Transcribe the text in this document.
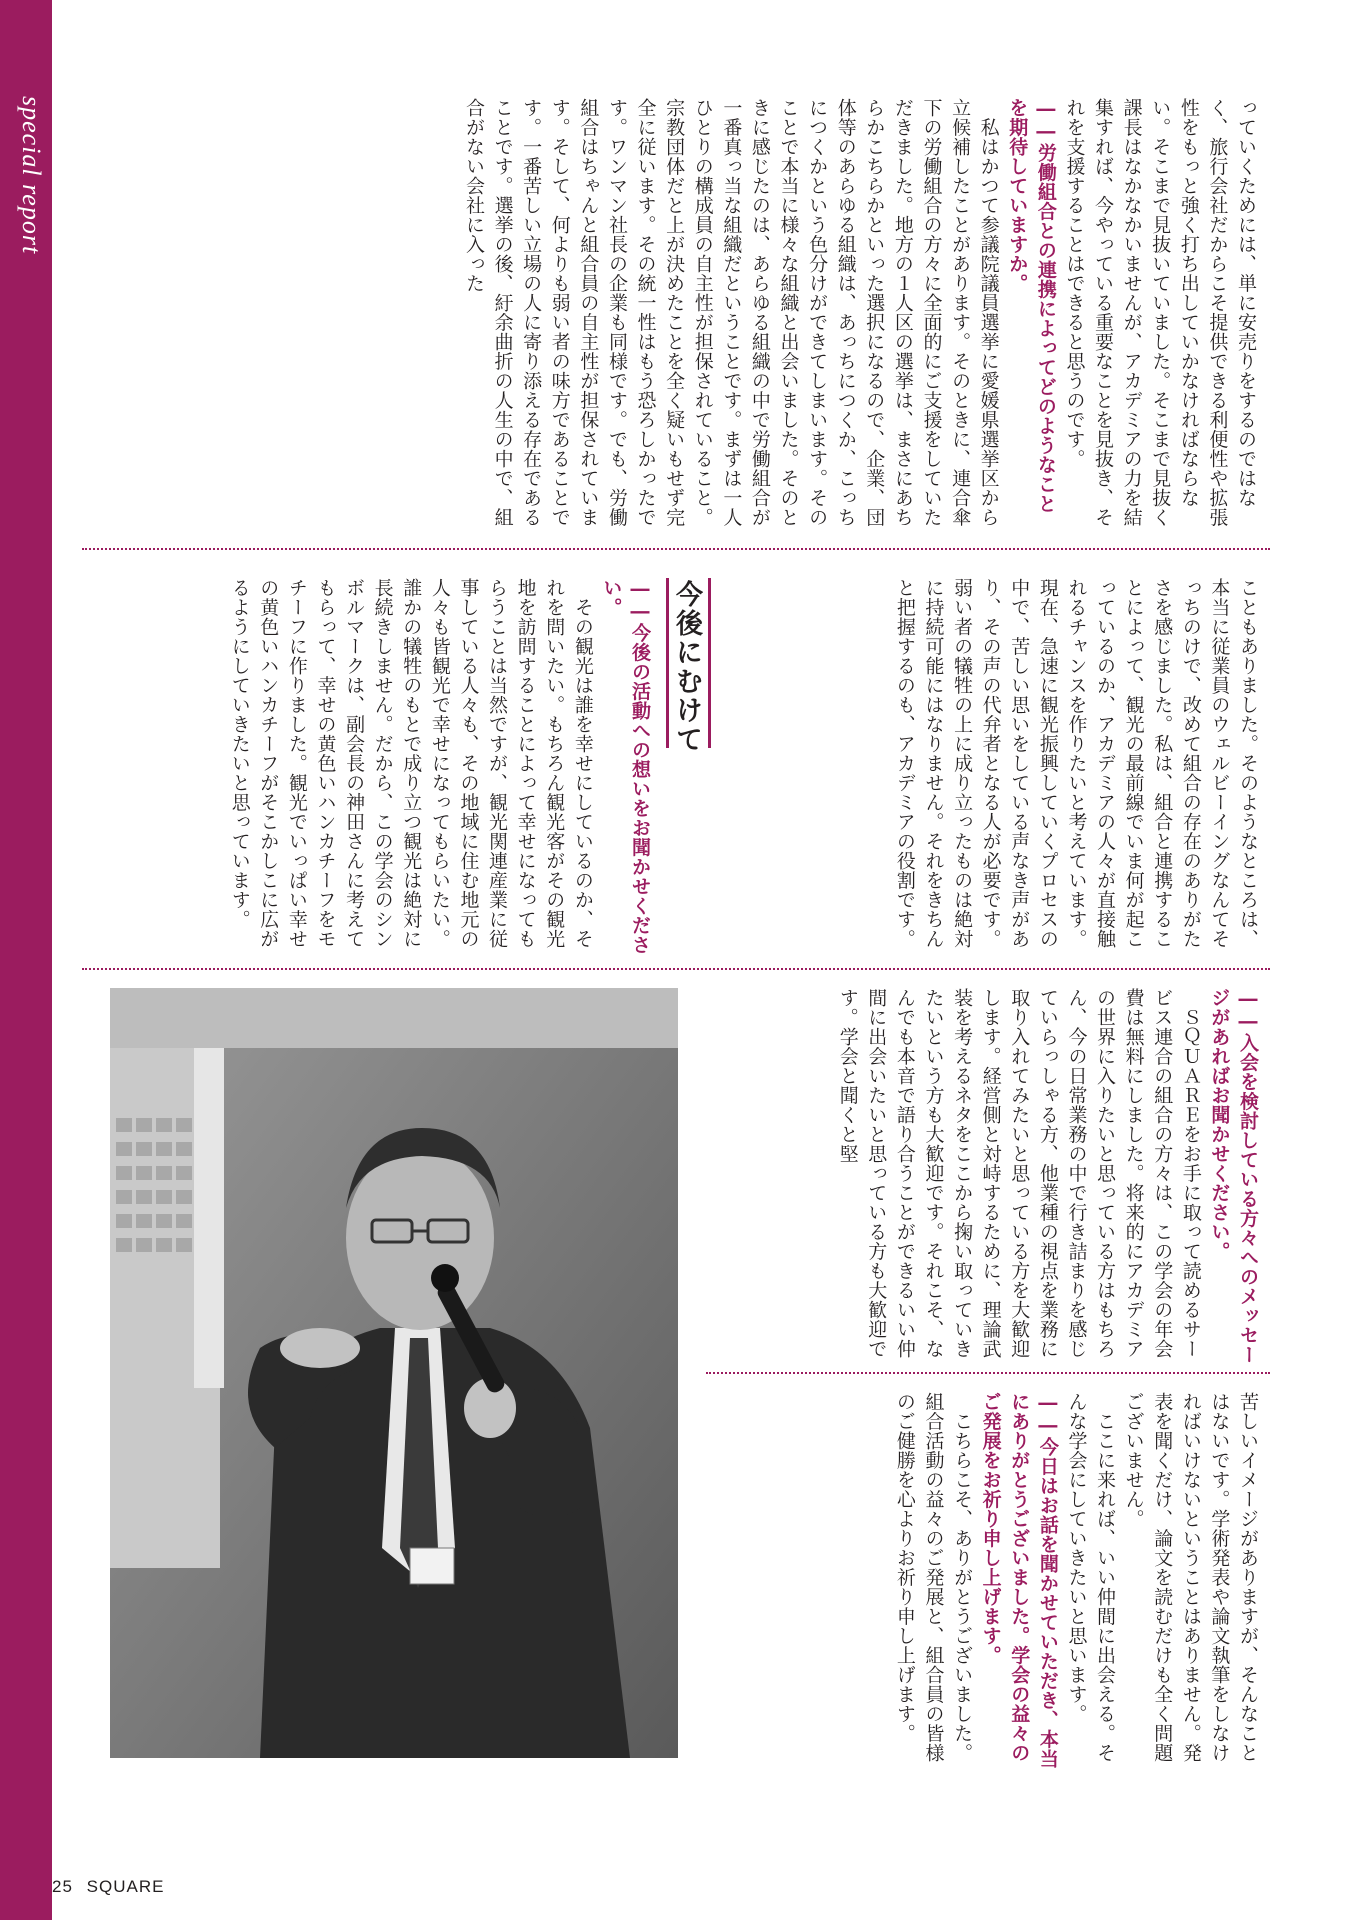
special report	っていくためには、単に安売りをするのではなく、旅行会社だからこそ提供できる利便性や拡張性をもっと強く打ち出していかなければならない。そこまで見抜いていました。そこまで見抜く課長はなかなかいませんが、アカデミアの力を結集すれば、今やっている重要なことを見抜き、それを支援することはできると思うのです。

――労働組合との連携によってどのようなことを期待していますか。

　私はかつて参議院議員選挙に愛媛県選挙区から立候補したことがあります。そのときに、連合傘下の労働組合の方々に全面的にご支援をしていただきました。地方の１人区の選挙は、まさにあちらかこちらかといった選択になるので、企業、団体等のあらゆる組織は、あっちにつくか、こっちにつくかという色分けができてしまいます。そのことで本当に様々な組織と出会いました。そのときに感じたのは、あらゆる組織の中で労働組合が一番真っ当な組織だということです。まずは一人ひとりの構成員の自主性が担保されていること。宗教団体だと上が決めたことを全く疑いもせず完全に従います。その統一性はもう恐ろしかったです。ワンマン社長の企業も同様です。でも、労働組合はちゃんと組合員の自主性が担保されています。そして、何よりも弱い者の味方であることです。一番苦しい立場の人に寄り添える存在であることです。選挙の後、紆余曲折の人生の中で、組合がない会社に入った

こともありました。そのようなところは、本当に従業員のウェルビーイングなんてそっちのけで、改めて組合の存在のありがたさを感じました。私は、組合と連携することによって、観光の最前線でいま何が起こっているのか、アカデミアの人々が直接触れるチャンスを作りたいと考えています。現在、急速に観光振興していくプロセスの中で、苦しい思いをしている声なき声があり、その声の代弁者となる人が必要です。弱い者の犠牲の上に成り立ったものは絶対に持続可能にはなりません。それをきちんと把握するのも、アカデミアの役割です。

今後にむけて

――今後の活動への想いをお聞かせください。

　その観光は誰を幸せにしているのか、それを問いたい。もちろん観光客がその観光地を訪問することによって幸せになってもらうことは当然ですが、観光関連産業に従事している人々も、その地域に住む地元の人々も皆観光で幸せになってもらいたい。誰かの犠牲のもとで成り立つ観光は絶対に長続きしません。だから、この学会のシンボルマークは、副会長の神田さんに考えてもらって、幸せの黄色いハンカチーフをモチーフに作りました。観光でいっぱい幸せの黄色いハンカチーフがそこかしこに広がるようにしていきたいと思っています。

――入会を検討している方々へのメッセージがあればお聞かせください。

　ＳＱＵＡＲＥをお手に取って読めるサービス連合の組合の方々は、この学会の年会費は無料にしました。将来的にアカデミアの世界に入りたいと思っている方はもちろん、今の日常業務の中で行き詰まりを感じていらっしゃる方、他業種の視点を業務に取り入れてみたいと思っている方を大歓迎します。経営側と対峙するために、理論武装を考えるネタをここから掬い取っていきたいという方も大歓迎です。それこそ、なんでも本音で語り合うことができるいい仲間に出会いたいと思っている方も大歓迎です。学会と聞くと堅

苦しいイメージがありますが、そんなことはないです。学術発表や論文執筆をしなければいけないということはありません。発表を聞くだけ、論文を読むだけも全く問題ございません。

　ここに来れば、いい仲間に出会える。そんな学会にしていきたいと思います。

――今日はお話を聞かせていただき、本当にありがとうございました。学会の益々のご発展をお祈り申し上げます。

　こちらこそ、ありがとうございました。組合活動の益々のご発展と、組合員の皆様のご健勝を心よりお祈り申し上げます。

25 SQUARE
